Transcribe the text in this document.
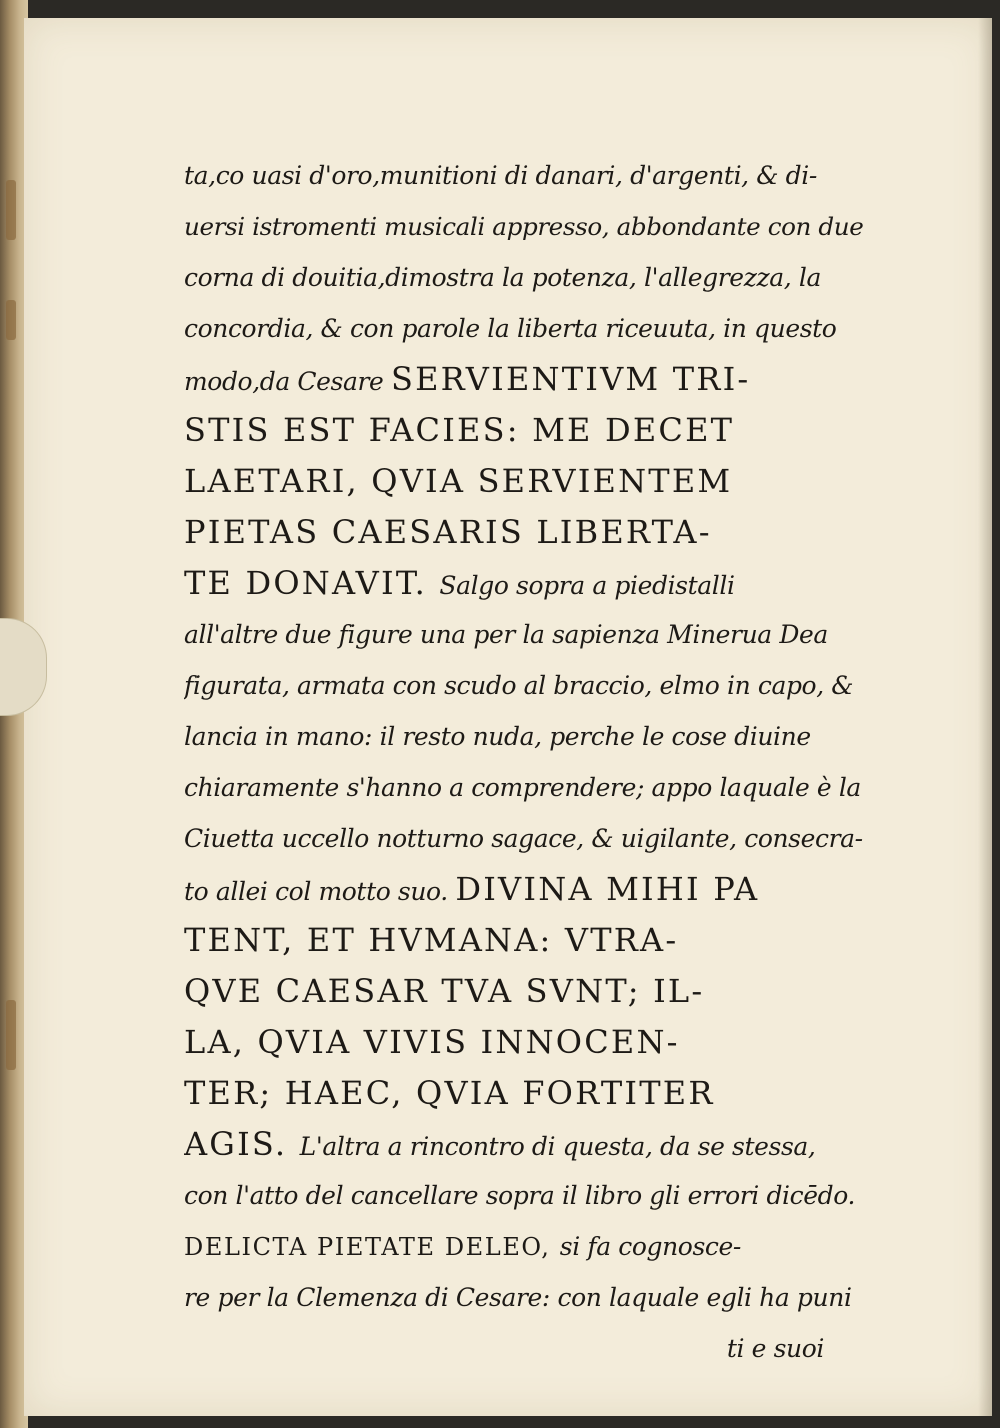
ta,co uasi d'oro,munitioni di danari, d'argenti, & di-
uersi istromenti musicali appresso, abbondante con due
corna di douitia,dimostra la potenza, l'allegrezza, la
concordia, & con parole la liberta riceuuta, in questo
modo,da Cesare SERVIENTIVM TRI-
STIS EST FACIES: ME DECET
LAETARI, QVIA SERVIENTEM
PIETAS CAESARIS LIBERTA-
TE DONAVIT. Salgo sopra a piedistalli
all'altre due figure una per la sapienza Minerua Dea
figurata, armata con scudo al braccio, elmo in capo, &
lancia in mano: il resto nuda, perche le cose diuine
chiaramente s'hanno a comprendere; appo laquale è la
Ciuetta uccello notturno sagace, & uigilante, consecra-
to allei col motto suo. DIVINA MIHI PA
TENT, ET HVMANA: VTRA-
QVE CAESAR TVA SVNT; IL-
LA, QVIA VIVIS INNOCEN-
TER; HAEC, QVIA FORTITER
AGIS. L'altra a rincontro di questa, da se stessa,
con l'atto del cancellare sopra il libro gli errori dicēdo.
DELICTA PIETATE DELEO, si fa cognosce-
re per la Clemenza di Cesare: con laquale egli ha puni
ti e suoi
